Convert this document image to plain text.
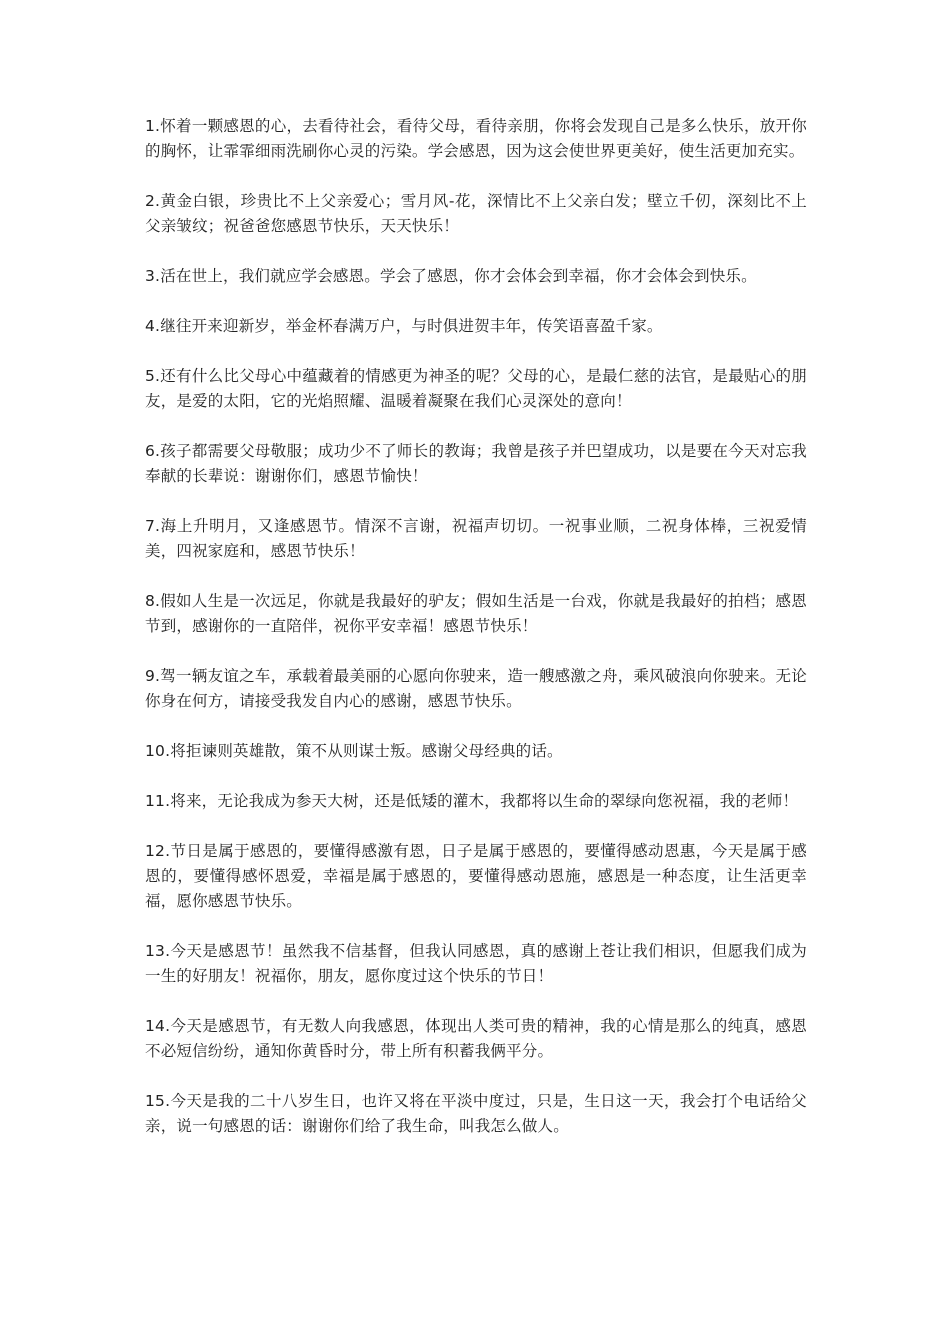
1.怀着一颗感恩的心，去看待社会，看待父母，看待亲朋，你将会发现自己是多么快乐，放开你的胸怀，让霏霏细雨洗刷你心灵的污染。学会感恩，因为这会使世界更美好，使生活更加充实。

2.黄金白银，珍贵比不上父亲爱心；雪月风-花，深情比不上父亲白发；壁立千仞，深刻比不上父亲皱纹；祝爸爸您感恩节快乐，天天快乐！

3.活在世上，我们就应学会感恩。学会了感恩，你才会体会到幸福，你才会体会到快乐。

4.继往开来迎新岁，举金杯春满万户，与时俱进贺丰年，传笑语喜盈千家。

5.还有什么比父母心中蕴藏着的情感更为神圣的呢？父母的心，是最仁慈的法官，是最贴心的朋友，是爱的太阳，它的光焰照耀、温暖着凝聚在我们心灵深处的意向！

6.孩子都需要父母敬服；成功少不了师长的教诲；我曾是孩子并巴望成功，以是要在今天对忘我奉献的长辈说：谢谢你们，感恩节愉快！

7.海上升明月，又逢感恩节。情深不言谢，祝福声切切。一祝事业顺，二祝身体棒，三祝爱情美，四祝家庭和，感恩节快乐！

8.假如人生是一次远足，你就是我最好的驴友；假如生活是一台戏，你就是我最好的拍档；感恩节到，感谢你的一直陪伴，祝你平安幸福！感恩节快乐！

9.驾一辆友谊之车，承载着最美丽的心愿向你驶来，造一艘感激之舟，乘风破浪向你驶来。无论你身在何方，请接受我发自内心的感谢，感恩节快乐。

10.将拒谏则英雄散，策不从则谋士叛。感谢父母经典的话。

11.将来，无论我成为参天大树，还是低矮的灌木，我都将以生命的翠绿向您祝福，我的老师！

12.节日是属于感恩的，要懂得感激有恩，日子是属于感恩的，要懂得感动恩惠，今天是属于感恩的，要懂得感怀恩爱，幸福是属于感恩的，要懂得感动恩施，感恩是一种态度，让生活更幸福，愿你感恩节快乐。

13.今天是感恩节！虽然我不信基督，但我认同感恩，真的感谢上苍让我们相识，但愿我们成为一生的好朋友！祝福你，朋友，愿你度过这个快乐的节日！

14.今天是感恩节，有无数人向我感恩，体现出人类可贵的精神，我的心情是那么的纯真，感恩不必短信纷纷，通知你黄昏时分，带上所有积蓄我俩平分。

15.今天是我的二十八岁生日，也许又将在平淡中度过，只是，生日这一天，我会打个电话给父亲，说一句感恩的话：谢谢你们给了我生命，叫我怎么做人。
